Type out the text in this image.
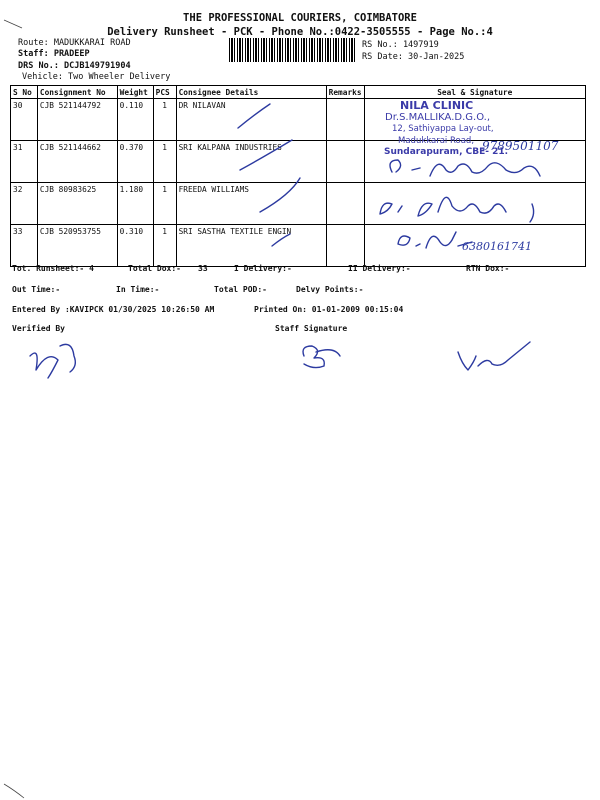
THE PROFESSIONAL COURIERS, COIMBATORE
Delivery Runsheet - PCK - Phone No.:0422-3505555 - Page No.:4
Route: MADUKKARAI ROAD
Staff: PRADEEP
DRS No.: DCJB149791904
Vehicle: Two Wheeler Delivery
RS No.: 1497919
RS Date: 30-Jan-2025
S No	Consignment No	Weight	PCS	Consignee Details	Remarks	Seal & Signature
30	CJB 521144792	0.110	1	DR NILAVAN		
31	CJB 521144662	0.370	1	SRI KALPANA INDUSTRIES		
32	CJB 80983625	1.180	1	FREEDA WILLIAMS		
33	CJB 520953755	0.310	1	SRI SASTHA TEXTILE ENGIN		
NILA CLINIC
Dr.S.MALLIKA.D.G.O.,
12, Sathiyappa Lay-out,
Madukkarai Road,
Sundarapuram, CBE- 21.
9789501107
6380161741
Tot. Runsheet:- 4	Total Dox:- 33	I Delivery:-	II Delivery:-	RTN Dox:-
Out Time:-	In Time:-	Total POD:-	Delvy Points:-
Entered By :KAVIPCK 01/30/2025 10:26:50 AM	Printed On: 01-01-2009 00:15:04
Verified By	Staff Signature
